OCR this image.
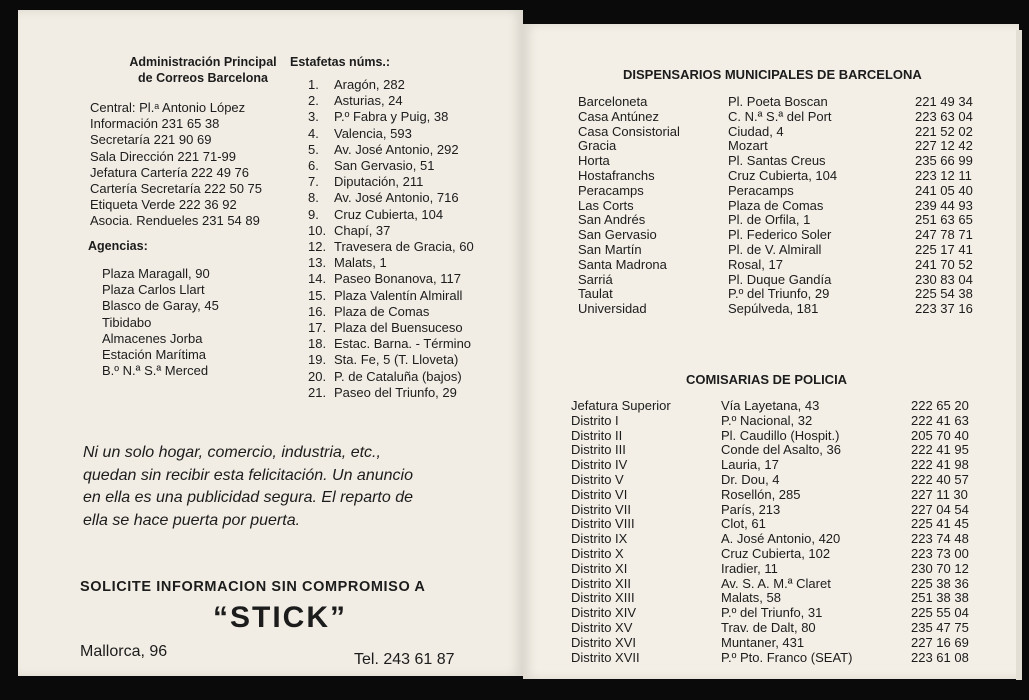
Administración Principal
de Correos Barcelona
Central: Pl.ᵃ Antonio López
Información 231 65 38
Secretaría 221 90 69
Sala Dirección 221 71-99
Jefatura Cartería 222 49 76
Cartería Secretaría 222 50 75
Etiqueta Verde 222 36 92
Asocia. Rendueles 231 54 89
Agencias:
Plaza Maragall, 90
Plaza Carlos Llart
Blasco de Garay, 45
Tibidabo
Almacenes Jorba
Estación Marítima
B.º N.ª S.ª Merced
Estafetas núms.:
1.	Aragón, 282
2.	Asturias, 24
3.	P.º Fabra y Puig, 38
4.	Valencia, 593
5.	Av. José Antonio, 292
6.	San Gervasio, 51
7.	Diputación, 211
8.	Av. José Antonio, 716
9.	Cruz Cubierta, 104
10. Chapí, 37
12. Travesera de Gracia, 60
13. Malats, 1
14. Paseo Bonanova, 117
15. Plaza Valentín Almirall
16. Plaza de Comas
17. Plaza del Buensuceso
18. Estac. Barna. - Término
19. Sta. Fe, 5 (T. Lloveta)
20. P. de Cataluña (bajos)
21. Paseo del Triunfo, 29
Ni un solo hogar, comercio, industria, etc.,
quedan sin recibir esta felicitación. Un anuncio
en ella es una publicidad segura. El reparto de
ella se hace puerta por puerta.
SOLICITE INFORMACION SIN COMPROMISO A
“STICK”
Mallorca, 96	Tel. 243 61 87
DISPENSARIOS MUNICIPALES DE BARCELONA
Barceloneta	Pl. Poeta Boscan	221 49 34
Casa Antúnez	C. N.ª S.ª del Port	223 63 04
Casa Consistorial	Ciudad, 4	221 52 02
Gracia	Mozart	227 12 42
Horta	Pl. Santas Creus	235 66 99
Hostafranchs	Cruz Cubierta, 104	223 12 11
Peracamps	Peracamps	241 05 40
Las Corts	Plaza de Comas	239 44 93
San Andrés	Pl. de Orfila, 1	251 63 65
San Gervasio	Pl. Federico Soler	247 78 71
San Martín	Pl. de V. Almirall	225 17 41
Santa Madrona	Rosal, 17	241 70 52
Sarriá	Pl. Duque Gandía	230 83 04
Taulat	P.º del Triunfo, 29	225 54 38
Universidad	Sepúlveda, 181	223 37 16
COMISARIAS DE POLICIA
Jefatura Superior	Vía Layetana, 43	222 65 20
Distrito I	P.º Nacional, 32	222 41 63
Distrito II	Pl. Caudillo (Hospit.)	205 70 40
Distrito III	Conde del Asalto, 36	222 41 95
Distrito IV	Lauria, 17	222 41 98
Distrito V	Dr. Dou, 4	222 40 57
Distrito VI	Rosellón, 285	227 11 30
Distrito VII	París, 213	227 04 54
Distrito VIII	Clot, 61	225 41 45
Distrito IX	A. José Antonio, 420	223 74 48
Distrito X	Cruz Cubierta, 102	223 73 00
Distrito XI	Iradier, 11	230 70 12
Distrito XII	Av. S. A. M.ª Claret	225 38 36
Distrito XIII	Malats, 58	251 38 38
Distrito XIV	P.º del Triunfo, 31	225 55 04
Distrito XV	Trav. de Dalt, 80	235 47 75
Distrito XVI	Muntaner, 431	227 16 69
Distrito XVII	P.º Pto. Franco (SEAT)	223 61 08
